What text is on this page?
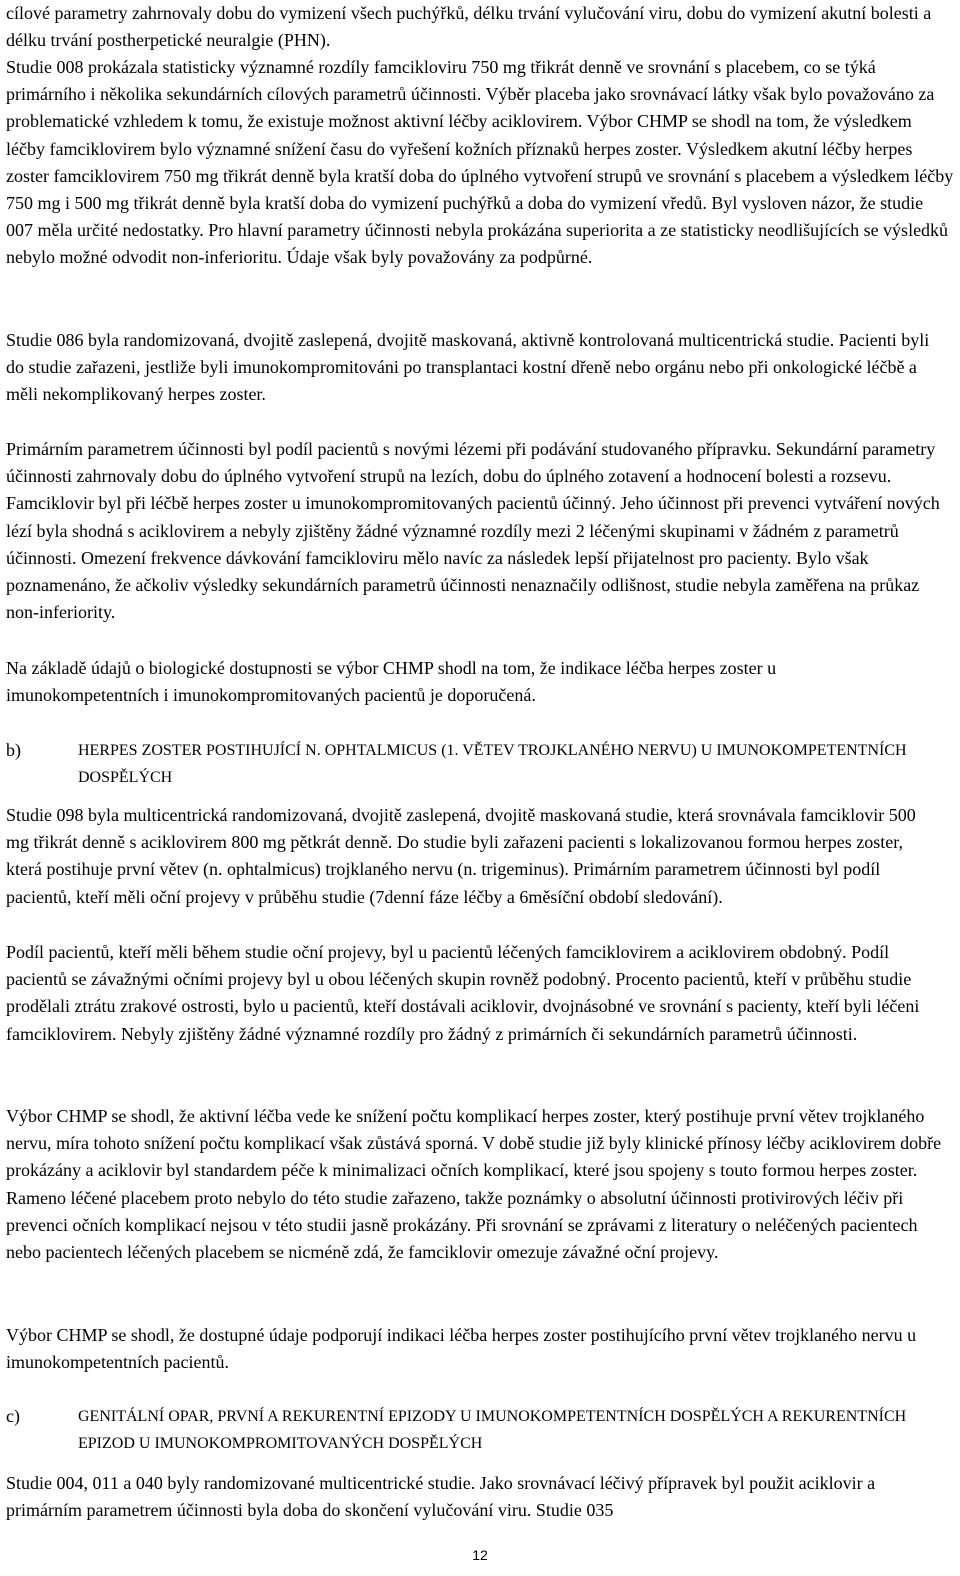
cílové parametry zahrnovaly dobu do vymizení všech puchýřků, délku trvání vylučování viru, dobu do vymizení akutní bolesti a délku trvání postherpetické neuralgie (PHN).

Studie 008 prokázala statisticky významné rozdíly famcikloviru 750 mg třikrát denně ve srovnání s placebem, co se týká primárního i několika sekundárních cílových parametrů účinnosti. Výběr placeba jako srovnávací látky však bylo považováno za problematické vzhledem k tomu, že existuje možnost aktivní léčby aciklovirem. Výbor CHMP se shodl na tom, že výsledkem léčby famciklovirem bylo významné snížení času do vyřešení kožních příznaků herpes zoster. Výsledkem akutní léčby herpes zoster famciklovirem 750 mg třikrát denně byla kratší doba do úplného vytvoření strupů ve srovnání s placebem a výsledkem léčby 750 mg i 500 mg třikrát denně byla kratší doba do vymizení puchýřků a doba do vymizení vředů. Byl vysloven názor, že studie 007 měla určité nedostatky. Pro hlavní parametry účinnosti nebyla prokázána superiorita a ze statisticky neodlišujících se výsledků nebylo možné odvodit non-inferioritu. Údaje však byly považovány za podpůrné.

Studie 086 byla randomizovaná, dvojitě zaslepená, dvojitě maskovaná, aktivně kontrolovaná multicentrická studie. Pacienti byli do studie zařazeni, jestliže byli imunokompromitováni po transplantaci kostní dřeně nebo orgánu nebo při onkologické léčbě a měli nekomplikovaný herpes zoster.

Primárním parametrem účinnosti byl podíl pacientů s novými lézemi při podávání studovaného přípravku. Sekundární parametry účinnosti zahrnovaly dobu do úplného vytvoření strupů na lezích, dobu do úplného zotavení a hodnocení bolesti a rozsevu. Famciklovir byl při léčbě herpes zoster u imunokompromitovaných pacientů účinný. Jeho účinnost při prevenci vytváření nových lézí byla shodná s aciklovirem a nebyly zjištěny žádné významné rozdíly mezi 2 léčenými skupinami v žádném z parametrů účinnosti. Omezení frekvence dávkování famcikloviru mělo navíc za následek lepší přijatelnost pro pacienty. Bylo však poznamenáno, že ačkoliv výsledky sekundárních parametrů účinnosti nenaznačily odlišnost, studie nebyla zaměřena na průkaz non-inferiority.

Na základě údajů o biologické dostupnosti se výbor CHMP shodl na tom, že indikace léčba herpes zoster u imunokompetentních i imunokompromitovaných pacientů je doporučená.

b)	HERPES ZOSTER POSTIHUJÍCÍ N. OPHTALMICUS (1. VĚTEV TROJKLANÉHO NERVU) U IMUNOKOMPETENTNÍCH DOSPĚLÝCH

Studie 098 byla multicentrická randomizovaná, dvojitě zaslepená, dvojitě maskovaná studie, která srovnávala famciklovir 500 mg třikrát denně s aciklovirem 800 mg pětkrát denně. Do studie byli zařazeni pacienti s lokalizovanou formou herpes zoster, která postihuje první větev (n. ophtalmicus) trojklaného nervu (n. trigeminus). Primárním parametrem účinnosti byl podíl pacientů, kteří měli oční projevy v průběhu studie (7denní fáze léčby a 6měsíční období sledování).

Podíl pacientů, kteří měli během studie oční projevy, byl u pacientů léčených famciklovirem a aciklovirem obdobný. Podíl pacientů se závažnými očními projevy byl u obou léčených skupin rovněž podobný. Procento pacientů, kteří v průběhu studie prodělali ztrátu zrakové ostrosti, bylo u pacientů, kteří dostávali aciklovir, dvojnásobné ve srovnání s pacienty, kteří byli léčeni famciklovirem. Nebyly zjištěny žádné významné rozdíly pro žádný z primárních či sekundárních parametrů účinnosti.

Výbor CHMP se shodl, že aktivní léčba vede ke snížení počtu komplikací herpes zoster, který postihuje první větev trojklaného nervu, míra tohoto snížení počtu komplikací však zůstává sporná. V době studie již byly klinické přínosy léčby aciklovirem dobře prokázány a aciklovir byl standardem péče k minimalizaci očních komplikací, které jsou spojeny s touto formou herpes zoster. Rameno léčené placebem proto nebylo do této studie zařazeno, takže poznámky o absolutní účinnosti protivirových léčiv při prevenci očních komplikací nejsou v této studii jasně prokázány. Při srovnání se zprávami z literatury o neléčených pacientech nebo pacientech léčených placebem se nicméně zdá, že famciklovir omezuje závažné oční projevy.

Výbor CHMP se shodl, že dostupné údaje podporují indikaci léčba herpes zoster postihujícího první větev trojklaného nervu u imunokompetentních pacientů.

c)	GENITÁLNÍ OPAR, PRVNÍ A REKURENTNÍ EPIZODY U IMUNOKOMPETENTNÍCH DOSPĚLÝCH A REKURENTNÍCH EPIZOD U IMUNOKOMPROMITOVANÝCH DOSPĚLÝCH

Studie 004, 011 a 040 byly randomizované multicentrické studie. Jako srovnávací léčivý přípravek byl použit aciklovir a primárním parametrem účinnosti byla doba do skončení vylučování viru. Studie 035

12
